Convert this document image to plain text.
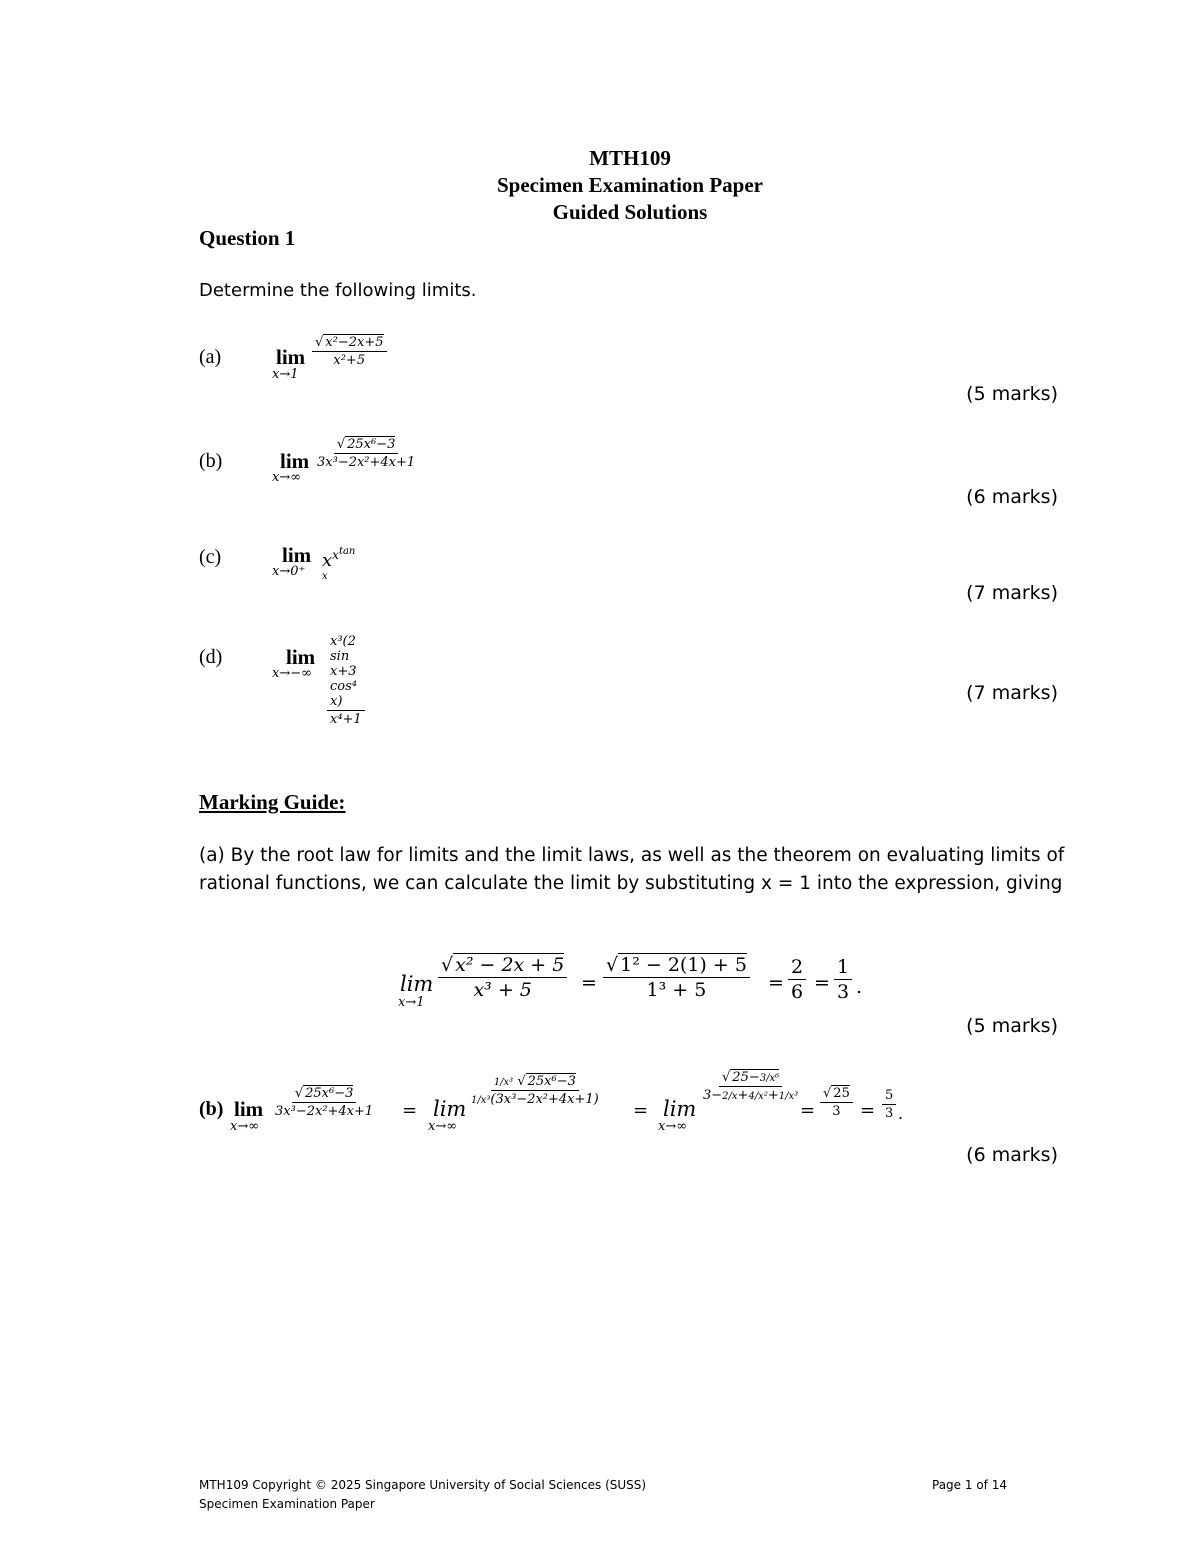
MTH109
Specimen Examination Paper
Guided Solutions
Question 1
Determine the following limits.
(a)	lim
x→1
$\frac{\text{√ x²−2x+5}}{\text{x²+5}}$
(5 marks)
(b)	lim
x→∞
$\frac{\text{√ 25x⁶−3}}{\text{3x³−2x²+4x+1}}$
(6 marks)
(c)	lim
x→0⁺
$x^{x^{tan x}}$
(7 marks)
(d)	lim
$x\to-\infty \frac{\text{x³(2 sin x+3 cos⁴ x)}}{\text{x⁴+1}}$	(7 marks)
Marking Guide:
(a) By the root law for limits and the limit laws, as well as the theorem on evaluating limits of rational functions, we can calculate the limit by substituting x = 1 into the expression, giving
lim
x→1
$\frac{\text{√ x² − 2x + 5}}{\text{x³ + 5}} = \frac{\text{√ 1² − 2(1) + 5}}{\text{1³ + 5}} = \frac{2}{6} = \frac{1}{3}$ .
(5 marks)
(b) lim
x→∞
$\frac{\text{√ 25x⁶−3}}{\text{3x³−2x²+4x+1}} = \lim$
x→∞
$\frac{\text{1/x³ √ 25x⁶−3}}{\text{1/x³(3x³−2x²+4x+1)}}$
= lim
x→∞
$\frac{\text{√ 25−3/x⁶}}{\text{3−2/x+4/x²+1/x³}}$
= $\frac{√ 25}{3} = \frac{5}{3}$ .
(6 marks)
MTH109 Copyright © 2025 Singapore University of Social Sciences (SUSS)
Specimen Examination Paper
Page 1 of 14
